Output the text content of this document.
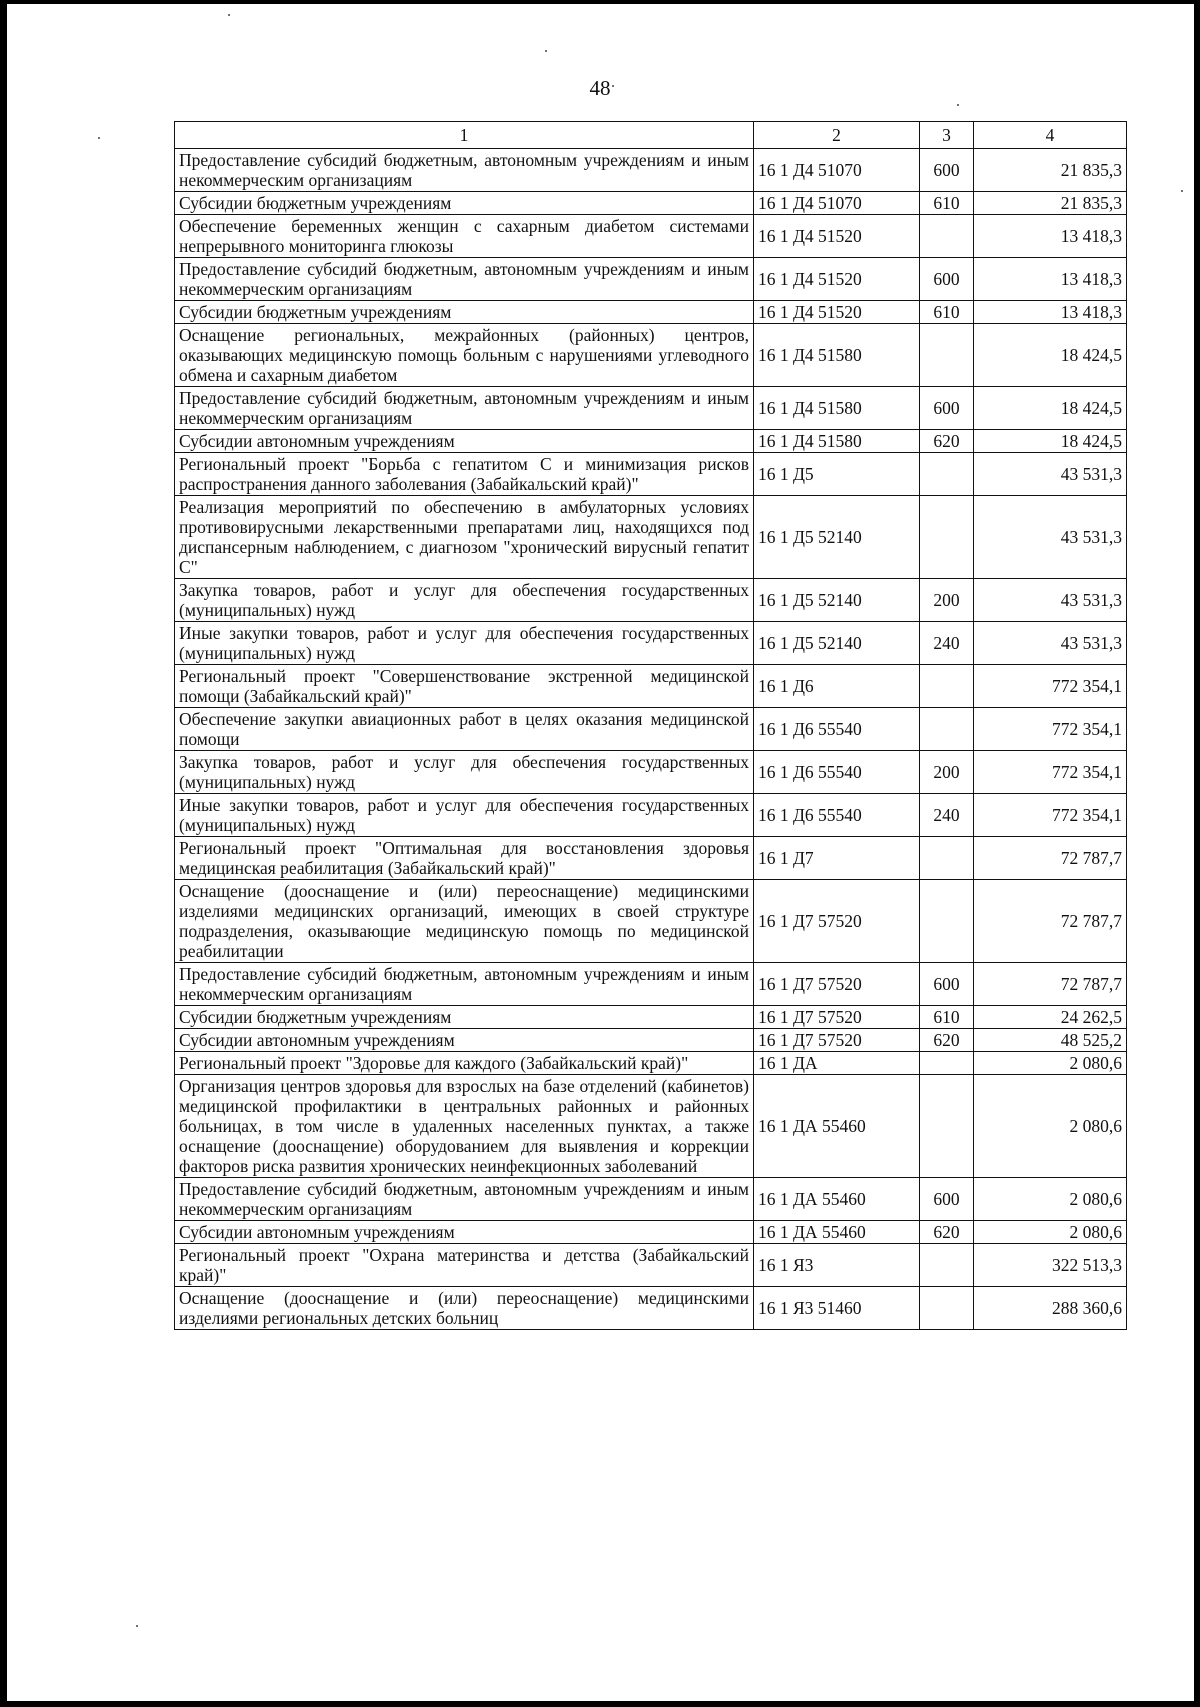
48
1	2	3	4
Предоставление субсидий бюджетным, автономным учреждениям и иным некоммерческим организациям	16 1 Д4 51070	600	21 835,3
Субсидии бюджетным учреждениям	16 1 Д4 51070	610	21 835,3
Обеспечение беременных женщин с сахарным диабетом системами непрерывного мониторинга глюкозы	16 1 Д4 51520		13 418,3
Предоставление субсидий бюджетным, автономным учреждениям и иным некоммерческим организациям	16 1 Д4 51520	600	13 418,3
Субсидии бюджетным учреждениям	16 1 Д4 51520	610	13 418,3
Оснащение региональных, межрайонных (районных) центров, оказывающих медицинскую помощь больным с нарушениями углеводного обмена и сахарным диабетом	16 1 Д4 51580		18 424,5
Предоставление субсидий бюджетным, автономным учреждениям и иным некоммерческим организациям	16 1 Д4 51580	600	18 424,5
Субсидии автономным учреждениям	16 1 Д4 51580	620	18 424,5
Региональный проект "Борьба с гепатитом С и минимизация рисков распространения данного заболевания (Забайкальский край)"	16 1 Д5		43 531,3
Реализация мероприятий по обеспечению в амбулаторных условиях противовирусными лекарственными препаратами лиц, находящихся под диспансерным наблюдением, с диагнозом "хронический вирусный гепатит С"	16 1 Д5 52140		43 531,3
Закупка товаров, работ и услуг для обеспечения государственных (муниципальных) нужд	16 1 Д5 52140	200	43 531,3
Иные закупки товаров, работ и услуг для обеспечения государственных (муниципальных) нужд	16 1 Д5 52140	240	43 531,3
Региональный проект "Совершенствование экстренной медицинской помощи (Забайкальский край)"	16 1 Д6		772 354,1
Обеспечение закупки авиационных работ в целях оказания медицинской помощи	16 1 Д6 55540		772 354,1
Закупка товаров, работ и услуг для обеспечения государственных (муниципальных) нужд	16 1 Д6 55540	200	772 354,1
Иные закупки товаров, работ и услуг для обеспечения государственных (муниципальных) нужд	16 1 Д6 55540	240	772 354,1
Региональный проект "Оптимальная для восстановления здоровья медицинская реабилитация (Забайкальский край)"	16 1 Д7		72 787,7
Оснащение (дооснащение и (или) переоснащение) медицинскими изделиями медицинских организаций, имеющих в своей структуре подразделения, оказывающие медицинскую помощь по медицинской реабилитации	16 1 Д7 57520		72 787,7
Предоставление субсидий бюджетным, автономным учреждениям и иным некоммерческим организациям	16 1 Д7 57520	600	72 787,7
Субсидии бюджетным учреждениям	16 1 Д7 57520	610	24 262,5
Субсидии автономным учреждениям	16 1 Д7 57520	620	48 525,2
Региональный проект "Здоровье для каждого (Забайкальский край)"	16 1 ДА		2 080,6
Организация центров здоровья для взрослых на базе отделений (кабинетов) медицинской профилактики в центральных районных и районных больницах, в том числе в удаленных населенных пунктах, а также оснащение (дооснащение) оборудованием для выявления и коррекции факторов риска развития хронических неинфекционных заболеваний	16 1 ДА 55460		2 080,6
Предоставление субсидий бюджетным, автономным учреждениям и иным некоммерческим организациям	16 1 ДА 55460	600	2 080,6
Субсидии автономным учреждениям	16 1 ДА 55460	620	2 080,6
Региональный проект "Охрана материнства и детства (Забайкальский край)"	16 1 Я3		322 513,3
Оснащение (дооснащение и (или) переоснащение) медицинскими изделиями региональных детских больниц	16 1 Я3 51460		288 360,6
